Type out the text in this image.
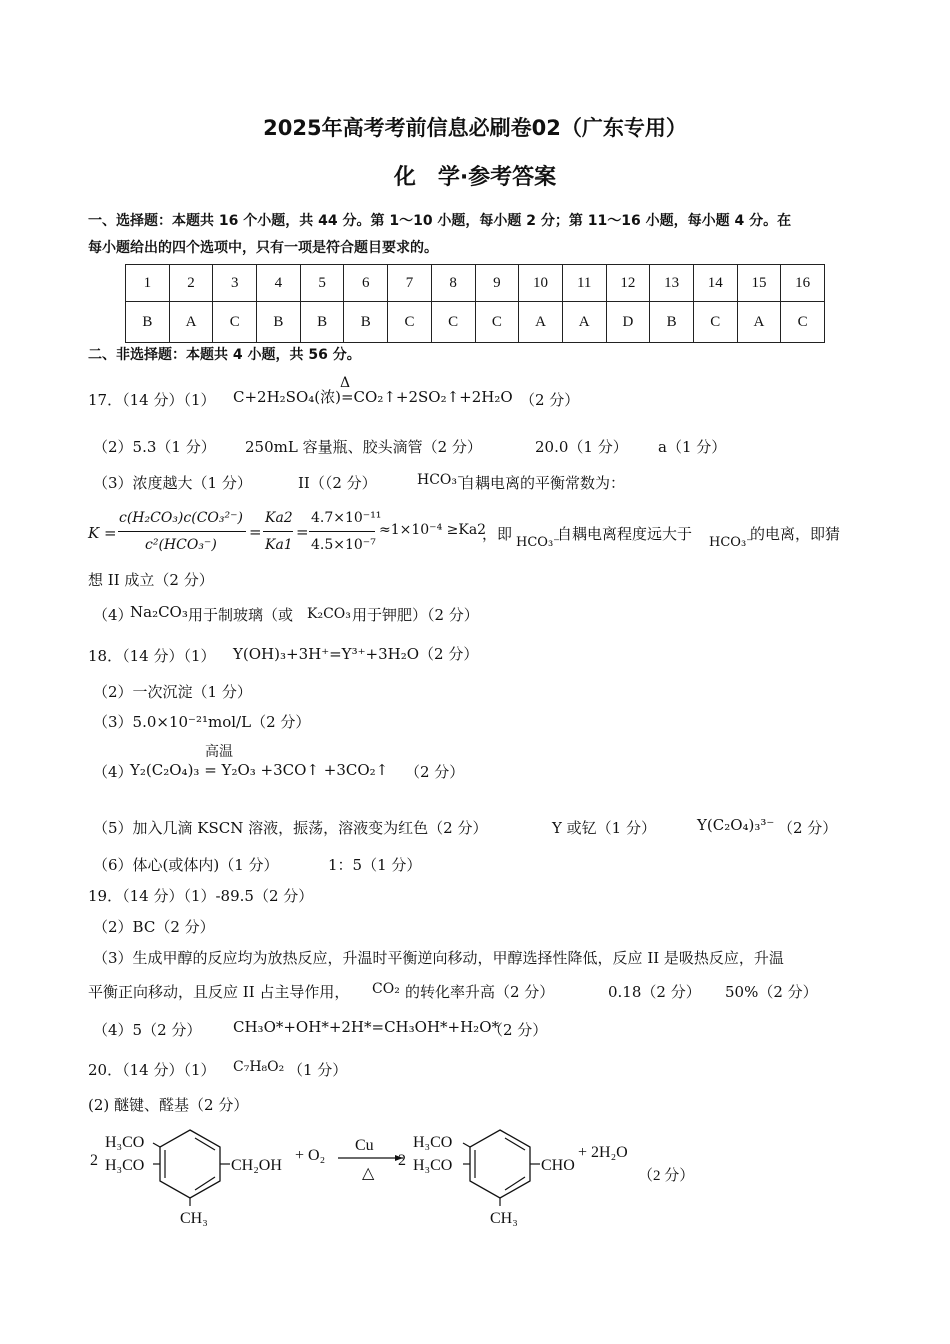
2025年高考考前信息必刷卷02（广东专用）
化　学·参考答案
一、选择题：本题共 16 个小题，共 44 分。第 1～10 小题，每小题 2 分；第 11～16 小题，每小题 4 分。在
每小题给出的四个选项中，只有一项是符合题目要求的。
1	2	3	4	5	6	7	8	9	10	11	12	13	14	15	16
B	A	C	B	B	B	C	C	C	A	A	D	B	C	A	C
二、非选择题：本题共 4 小题，共 56 分。
17．（14 分）（1）
Δ
C+2H₂SO₄(浓)=CO₂↑+2SO₂↑+2H₂O （2 分）
（2）5.3（1 分） 250mL 容量瓶、胶头滴管（2 分）	20.0（1 分） a（1 分）
（3）浓度越大（1 分）	II（（2 分）	HCO₃⁻
自耦电离的平衡常数为：
K =
c(H₂CO₃)c(CO₃²⁻)
c²(HCO₃⁻)
=
Ka2
Ka1
=
4.7×10⁻¹¹
4.5×10⁻⁷
≈1×10⁻⁴ ≥Ka2
，即 HCO₃⁻
自耦电离程度远大于 HCO₃⁻
的电离，即猜
想 II 成立（2 分）
（4）
Na₂CO₃ 用于制玻璃（或 K₂CO₃ 用于钾肥）（2 分）
18．（14 分）（1） Y(OH)₃+3H⁺=Y³⁺+3H₂O（2 分）
（2）一次沉淀（1 分）
（3）5.0×10⁻²¹mol/L（2 分）
（4）
高温
Y₂(C₂O₄)₃ = Y₂O₃ +3CO↑ +3CO₂↑ （2 分）
（5）加入几滴 KSCN 溶液，振荡，溶液变为红色（2 分）	Y 或钇（1 分）	Y(C₂O₄)₃³⁻ （2 分）
（6）体心(或体内)（1 分）	1：5（1 分）
19．（14 分）（1）-89.5（2 分）
（2）BC（2 分）
（3）生成甲醇的反应均为放热反应，升温时平衡逆向移动，甲醇选择性降低，反应 II 是吸热反应，升温
平衡正向移动，且反应 II 占主导作用， CO₂ 的转化率升高（2 分）	0.18（2 分） 50%（2 分）
（4）5（2 分） CH₃O*+OH*+2H*=CH₃OH*+H₂O*
（2 分）
20．（14 分）（1） C₇H₈O₂ （1 分）
(2) 醚键、醛基（2 分）
2
H₃CO
H₃CO	CH₂OH
CH₃
+ O₂
Cu
△
2
H₃CO
H₃CO	CHO
CH₃
+ 2H₂O
（2 分）
